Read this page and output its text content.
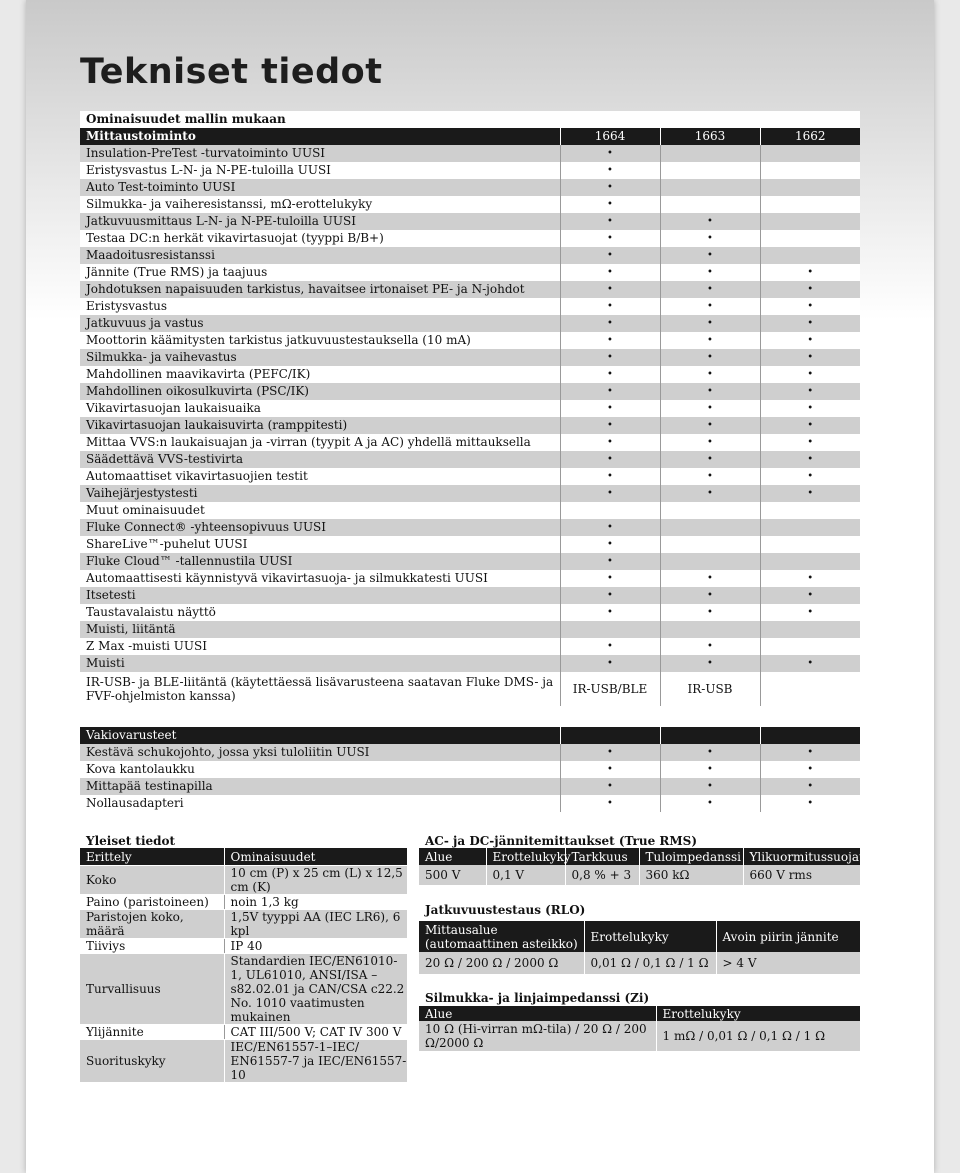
Tekniset tiedot
Ominaisuudet mallin mukaan			
Mittaustoiminto	1664	1663	1662
Insulation-PreTest -turvatoiminto UUSI	•		
Eristysvastus L-N- ja N-PE-tuloilla UUSI	•		
Auto Test-toiminto UUSI	•		
Silmukka- ja vaiheresistanssi, mΩ-erottelukyky	•		
Jatkuvuusmittaus L-N- ja N-PE-tuloilla UUSI	•	•	
Testaa DC:n herkät vikavirtasuojat (tyyppi B/B+)	•	•	
Maadoitusresistanssi	•	•	
Jännite (True RMS) ja taajuus	•	•	•
Johdotuksen napaisuuden tarkistus, havaitsee irtonaiset PE- ja N-johdot	•	•	•
Eristysvastus	•	•	•
Jatkuvuus ja vastus	•	•	•
Moottorin käämitysten tarkistus jatkuvuustestauksella (10 mA)	•	•	•
Silmukka- ja vaihevastus	•	•	•
Mahdollinen maavikavirta (PEFC/IK)	•	•	•
Mahdollinen oikosulkuvirta (PSC/IK)	•	•	•
Vikavirtasuojan laukaisuaika	•	•	•
Vikavirtasuojan laukaisuvirta (ramppitesti)	•	•	•
Mittaa VVS:n laukaisuajan ja -virran (tyypit A ja AC) yhdellä mittauksella	•	•	•
Säädettävä VVS-testivirta	•	•	•
Automaattiset vikavirtasuojien testit	•	•	•
Vaihejärjestystesti	•	•	•
Muut ominaisuudet			
Fluke Connect® -yhteensopivuus UUSI	•		
ShareLive™-puhelut UUSI	•		
Fluke Cloud™ -tallennustila UUSI	•		
Automaattisesti käynnistyvä vikavirtasuoja- ja silmukkatesti UUSI	•	•	•
Itsetesti	•	•	•
Taustavalaistu näyttö	•	•	•
Muisti, liitäntä			
Z Max -muisti UUSI	•	•	
Muisti	•	•	•
IR-USB- ja BLE-liitäntä (käytettäessä lisävarusteena saatavan Fluke DMS- ja FVF-ohjelmiston kanssa)	IR-USB/BLE	IR-USB	
Vakiovarusteet			
Kestävä schukojohto, jossa yksi tuloliitin UUSI	•	•	•
Kova kantolaukku	•	•	•
Mittapää testinapilla	•	•	•
Nollausadapteri	•	•	•
Yleiset tiedot
Erittely	Ominaisuudet
Koko	10 cm (P) x 25 cm (L) x 12,5 cm (K)
Paino (paristoineen)	noin 1,3 kg
Paristojen koko, määrä	1,5V tyyppi AA (IEC LR6), 6 kpl
Tiiviys	IP 40
Turvallisuus	Standardien IEC/EN61010-1, UL61010, ANSI/ISA –s82.02.01 ja CAN/CSA c22.2 No. 1010 vaatimusten mukainen
Ylijännite	CAT III/500 V; CAT IV 300 V
Suorituskyky	IEC/EN61557-1–IEC/ EN61557-7 ja IEC/EN61557-10
AC- ja DC-jännitemittaukset (True RMS)
Alue	Erottelukyky	Tarkkuus	Tuloimpedanssi	Ylikuormitussuojaus
500 V	0,1 V	0,8 % + 3	360 kΩ	660 V rms
Jatkuvuustestaus (RLO)
Mittausalue (automaattinen asteikko)	Erottelukyky	Avoin piirin jännite
20 Ω / 200 Ω / 2000 Ω	0,01 Ω / 0,1 Ω / 1 Ω	> 4 V
Silmukka- ja linjaimpedanssi (Zi)
Alue	Erottelukyky
10 Ω (Hi-virran mΩ-tila) / 20 Ω / 200 Ω/2000 Ω	1 mΩ / 0,01 Ω / 0,1 Ω / 1 Ω
